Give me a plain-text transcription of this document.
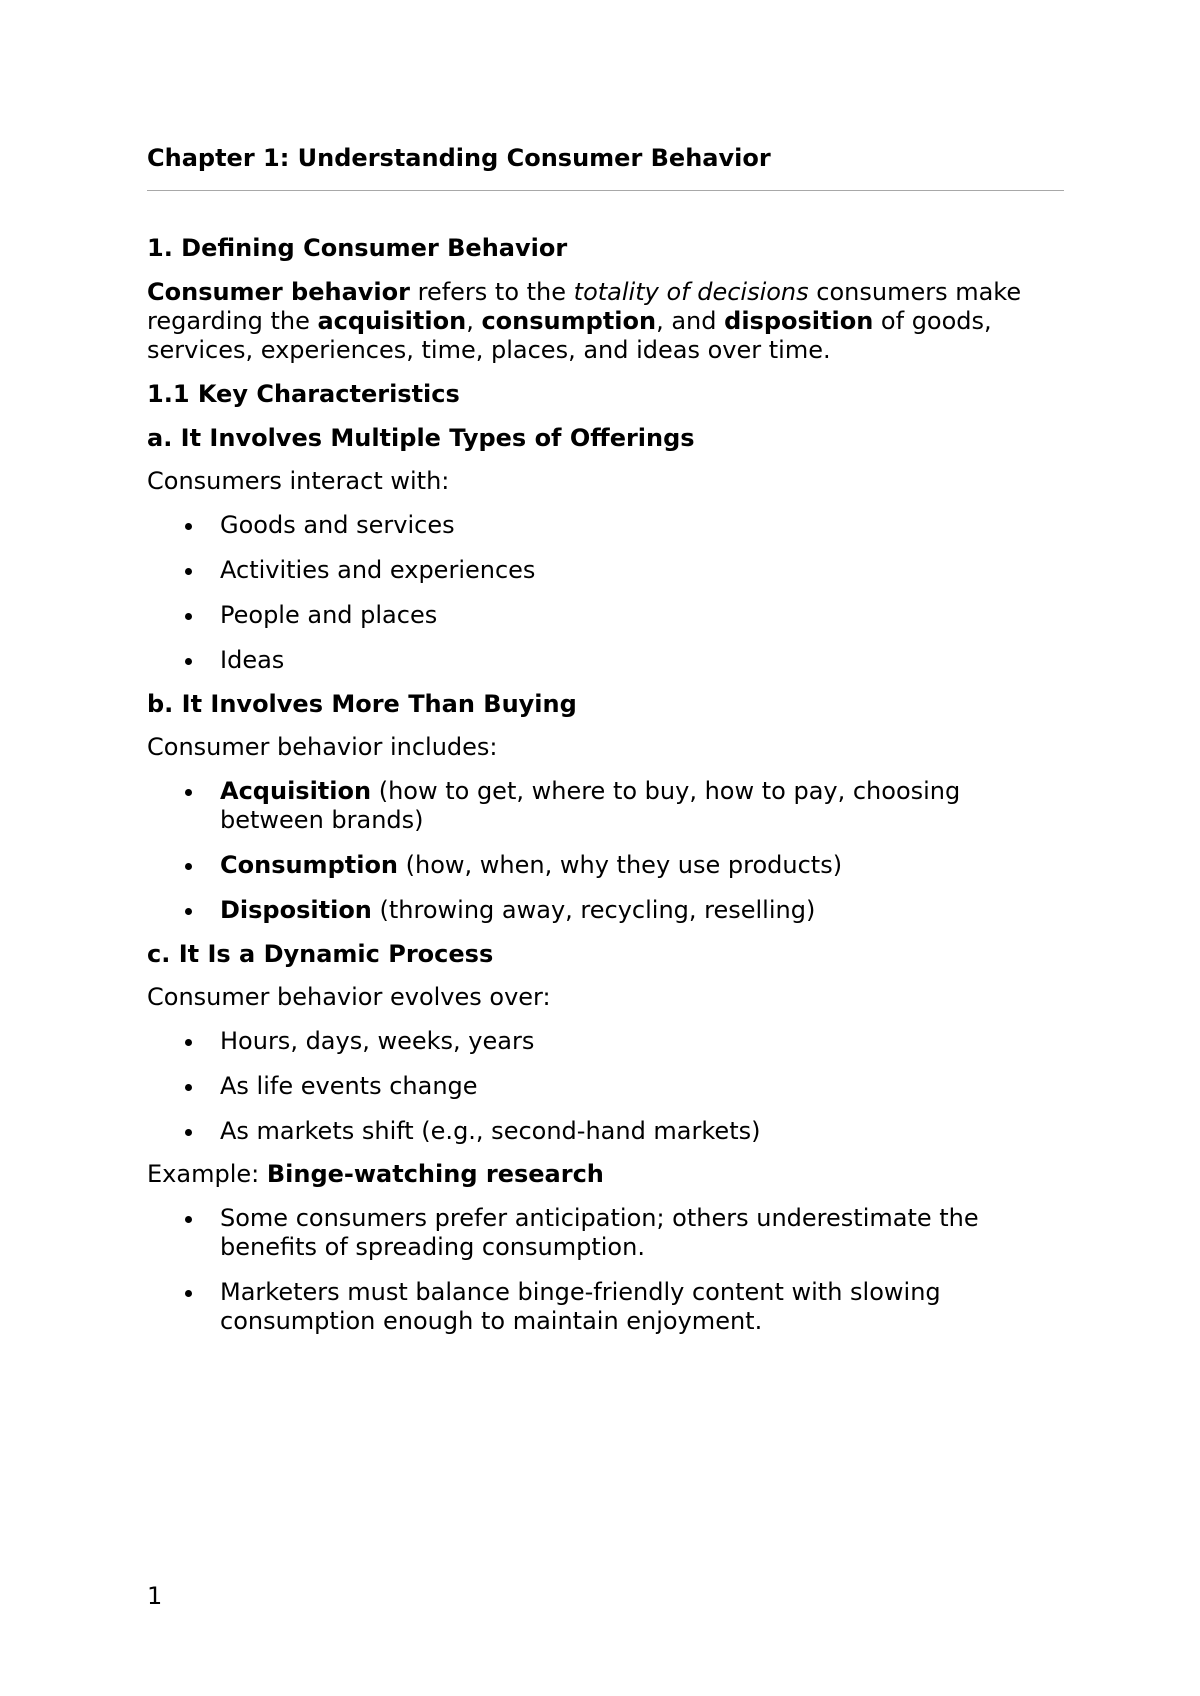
Chapter 1: Understanding Consumer Behavior
1. Defining Consumer Behavior

Consumer behavior refers to the totality of decisions consumers make regarding the acquisition, consumption, and disposition of goods, services, experiences, time, places, and ideas over time.

1.1 Key Characteristics
a. It Involves Multiple Types of Offerings

Consumers interact with:

Goods and services
Activities and experiences
People and places
Ideas
b. It Involves More Than Buying

Consumer behavior includes:

Acquisition (how to get, where to buy, how to pay, choosing between brands)
Consumption (how, when, why they use products)
Disposition (throwing away, recycling, reselling)
c. It Is a Dynamic Process

Consumer behavior evolves over:

Hours, days, weeks, years
As life events change
As markets shift (e.g., second-hand markets)

Example: Binge-watching research

Some consumers prefer anticipation; others underestimate the benefits of spreading consumption.
Marketers must balance binge-friendly content with slowing consumption enough to maintain enjoyment.
1
